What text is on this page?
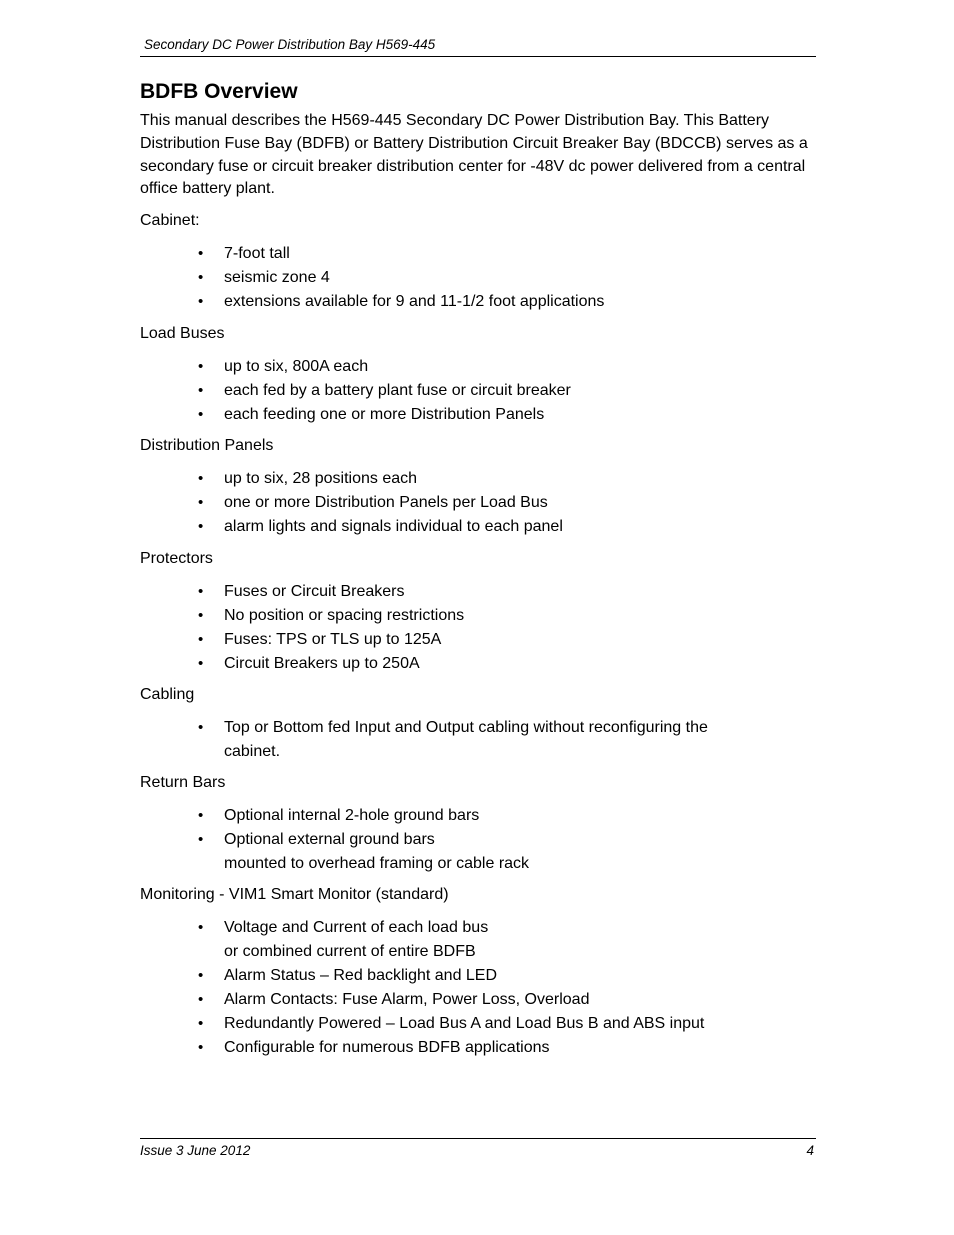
Secondary DC Power Distribution Bay H569-445
BDFB Overview

This manual describes the H569-445 Secondary DC Power Distribution Bay. This Battery Distribution Fuse Bay (BDFB) or Battery Distribution Circuit Breaker Bay (BDCCB) serves as a secondary fuse or circuit breaker distribution center for -48V dc power delivered from a central office battery plant.

Cabinet:

• 7-foot tall
• seismic zone 4
• extensions available for 9 and 11-1/2 foot applications

Load Buses

• up to six, 800A each
• each fed by a battery plant fuse or circuit breaker
• each feeding one or more Distribution Panels

Distribution Panels

• up to six, 28 positions each
• one or more Distribution Panels per Load Bus
• alarm lights and signals individual to each panel

Protectors

• Fuses or Circuit Breakers
• No position or spacing restrictions
• Fuses: TPS or TLS up to 125A
• Circuit Breakers up to 250A

Cabling

• Top or Bottom fed Input and Output cabling without reconfiguring the
cabinet.

Return Bars

• Optional internal 2-hole ground bars
• Optional external ground bars
mounted to overhead framing or cable rack

Monitoring - VIM1 Smart Monitor (standard)

• Voltage and Current of each load bus
or combined current of entire BDFB
• Alarm Status – Red backlight and LED
• Alarm Contacts: Fuse Alarm, Power Loss, Overload
• Redundantly Powered – Load Bus A and Load Bus B and ABS input
• Configurable for numerous BDFB applications
Issue 3 June 2012	4
